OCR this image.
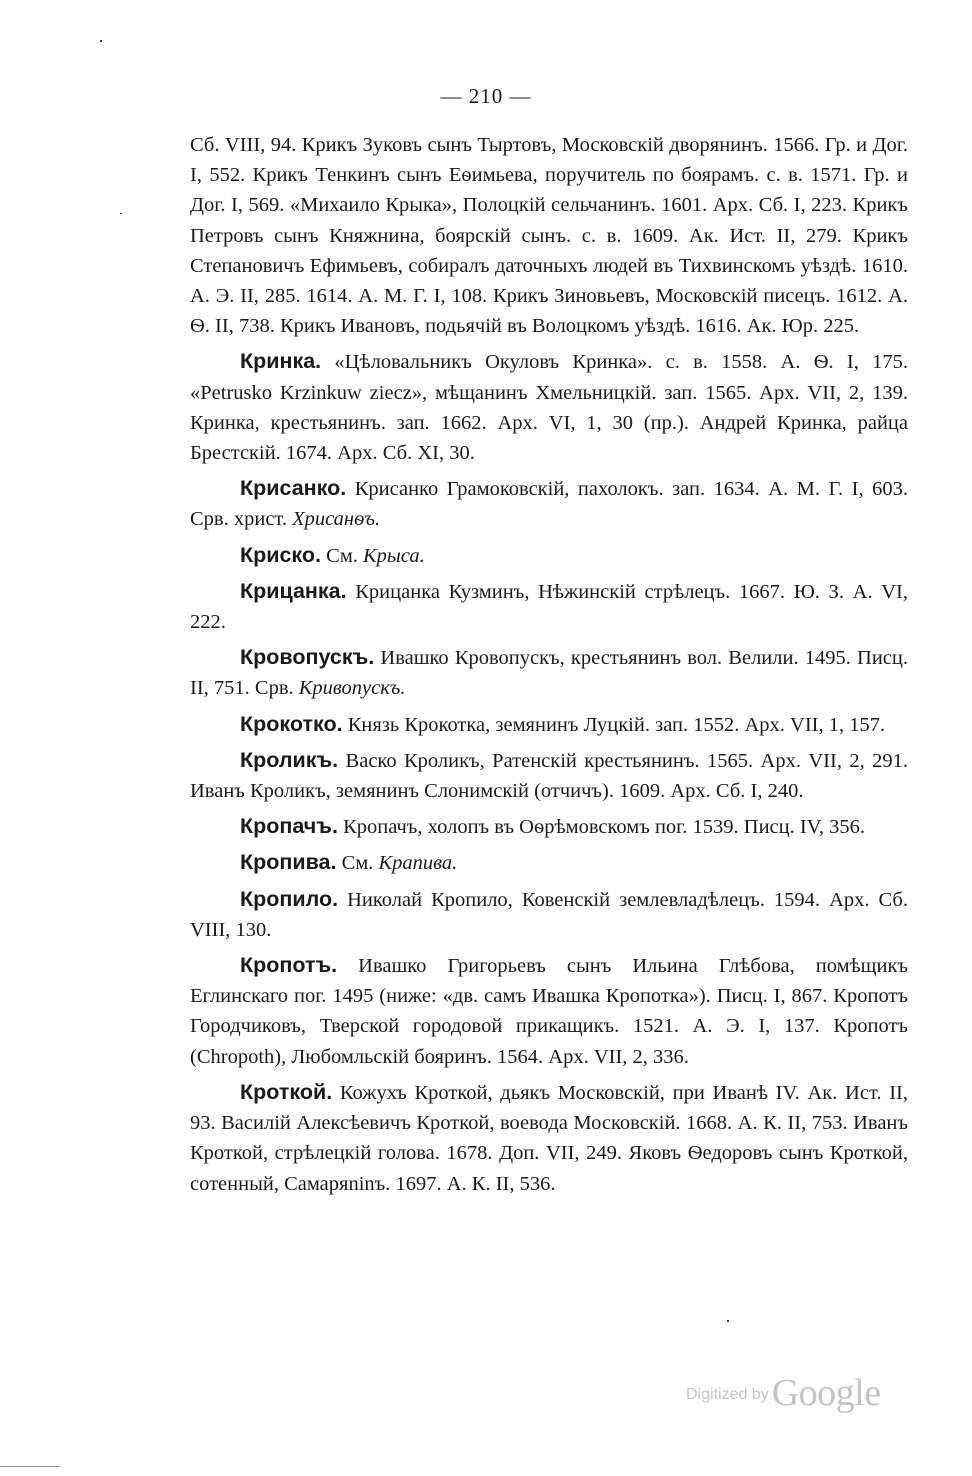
— 210 —

Сб. VIII, 94. Крикъ Зуковъ сынъ Тыртовъ, Московскій дворянинъ. 1566. Гр. и Дог. I, 552. Крикъ Тенкинъ сынъ Еѳимьева, поручитель по боярамъ. с. в. 1571. Гр. и Дог. I, 569. «Михаило Крыка», Полоцкій сельчанинъ. 1601. Арх. Сб. I, 223. Крикъ Петровъ сынъ Княжнина, боярскій сынъ. с. в. 1609. Ак. Ист. II, 279. Крикъ Степановичъ Ефимьевъ, собиралъ даточныхъ людей въ Тихвинскомъ уѣздѣ. 1610. А. Э. II, 285. 1614. А. М. Г. I, 108. Крикъ Зиновьевъ, Московскій писецъ. 1612. А. Ѳ. II, 738. Крикъ Ивановъ, подьячій въ Волоцкомъ уѣздѣ. 1616. Ак. Юр. 225.

Кринка. «Цѣловальникъ Окуловъ Кринка». с. в. 1558. А. Ѳ. I, 175. «Petrusko Krzinkuw ziecz», мѣщанинъ Хмельницкій. зап. 1565. Арх. VII, 2, 139. Кринка, крестьянинъ. зап. 1662. Арх. VI, 1, 30 (пр.). Андрей Кринка, райца Брестскій. 1674. Арх. Сб. XI, 30.

Крисанко. Крисанко Грамоковскій, пахолокъ. зап. 1634. А. М. Г. I, 603. Срв. христ. Хрисанѳъ.

Криско. См. Крыса.

Крицанка. Крицанка Кузминъ, Нѣжинскій стрѣлецъ. 1667. Ю. З. А. VI, 222.

Кровопускъ. Ивашко Кровопускъ, крестьянинъ вол. Велили. 1495. Писц. II, 751. Срв. Кривопускъ.

Крокотко. Князь Крокотка, земянинъ Луцкій. зап. 1552. Арх. VII, 1, 157.

Кроликъ. Васко Кроликъ, Ратенскій крестьянинъ. 1565. Арх. VII, 2, 291. Иванъ Кроликъ, земянинъ Слонимскій (отчичъ). 1609. Арх. Сб. I, 240.

Кропачъ. Кропачъ, холопъ въ Оѳрѣмовскомъ пог. 1539. Писц. IV, 356.

Кропива. См. Крапива.

Кропило. Николай Кропило, Ковенскій землевладѣлецъ. 1594. Арх. Сб. VIII, 130.

Кропотъ. Ивашко Григорьевъ сынъ Ильина Глѣбова, помѣщикъ Еглинскаго пог. 1495 (ниже: «дв. самъ Ивашка Кропотка»). Писц. I, 867. Кропотъ Городчиковъ, Тверской городовой прикащикъ. 1521. А. Э. I, 137. Кропотъ (Chropoth), Любомльскій бояринъ. 1564. Арх. VII, 2, 336.

Кроткой. Кожухъ Кроткой, дьякъ Московскій, при Иванѣ IV. Ак. Ист. II, 93. Василій Алексѣевичъ Кроткой, воевода Московскій. 1668. А. К. II, 753. Иванъ Кроткой, стрѣлецкій голова. 1678. Доп. VII, 249. Яковъ Ѳедоровъ сынъ Кроткой, сотенный, Самаряninъ. 1697. А. К. II, 536.

Digitized byGoogle
